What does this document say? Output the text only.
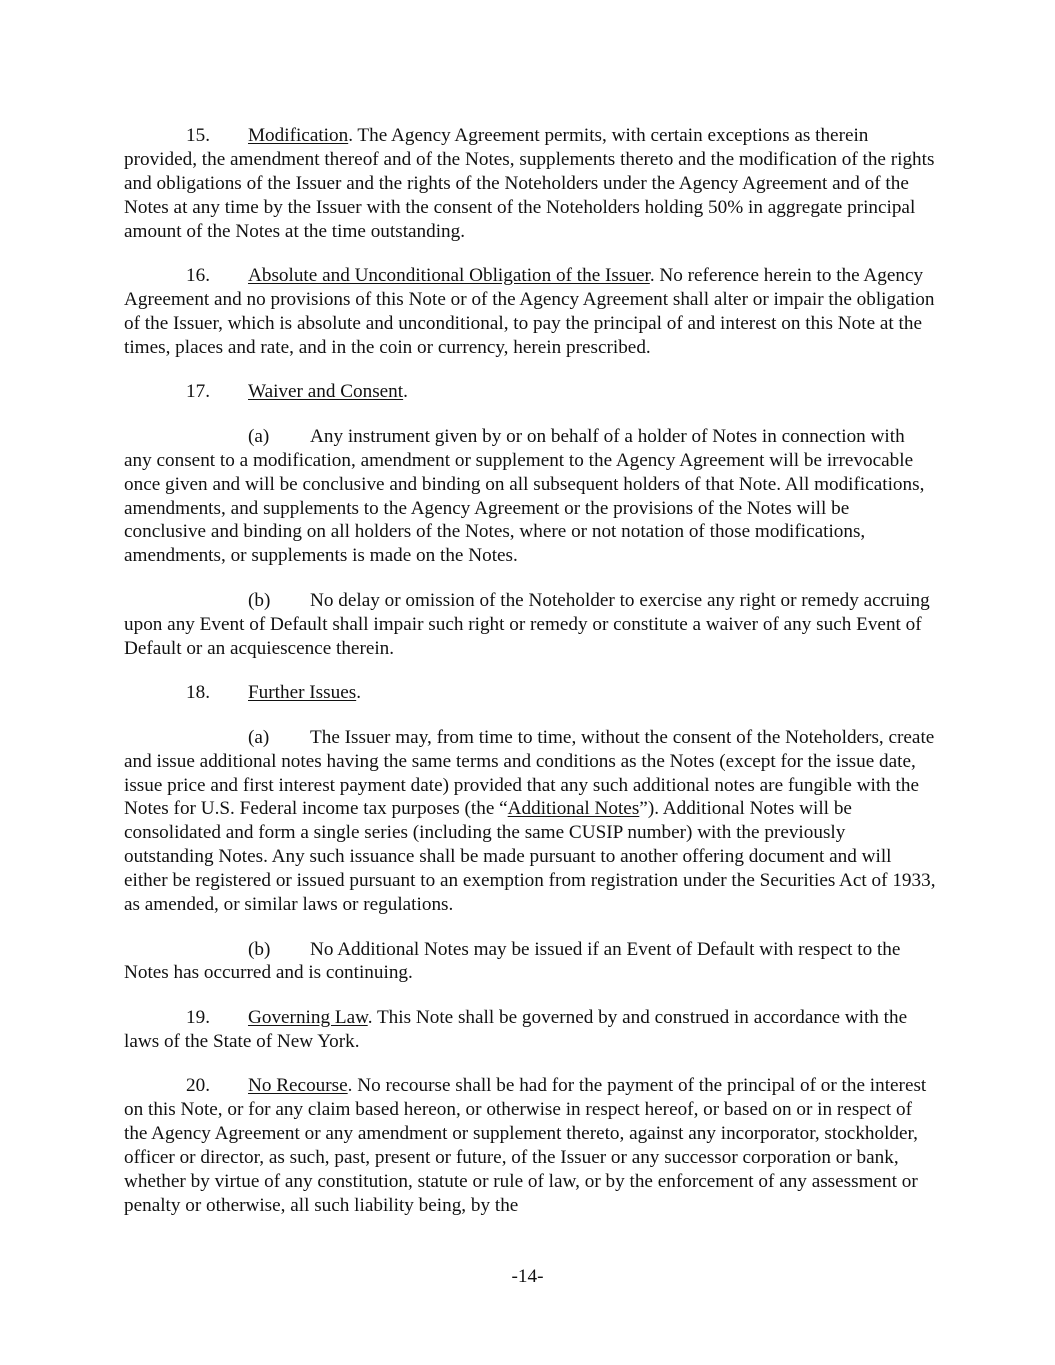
15. Modification. The Agency Agreement permits, with certain exceptions as therein provided, the amendment thereof and of the Notes, supplements thereto and the modification of the rights and obligations of the Issuer and the rights of the Noteholders under the Agency Agreement and of the Notes at any time by the Issuer with the consent of the Noteholders holding 50% in aggregate principal amount of the Notes at the time outstanding.

16. Absolute and Unconditional Obligation of the Issuer. No reference herein to the Agency Agreement and no provisions of this Note or of the Agency Agreement shall alter or impair the obligation of the Issuer, which is absolute and unconditional, to pay the principal of and interest on this Note at the times, places and rate, and in the coin or currency, herein prescribed.

17. Waiver and Consent.

(a) Any instrument given by or on behalf of a holder of Notes in connection with any consent to a modification, amendment or supplement to the Agency Agreement will be irrevocable once given and will be conclusive and binding on all subsequent holders of that Note. All modifications, amendments, and supplements to the Agency Agreement or the provisions of the Notes will be conclusive and binding on all holders of the Notes, where or not notation of those modifications, amendments, or supplements is made on the Notes.

(b) No delay or omission of the Noteholder to exercise any right or remedy accruing upon any Event of Default shall impair such right or remedy or constitute a waiver of any such Event of Default or an acquiescence therein.

18. Further Issues.

(a) The Issuer may, from time to time, without the consent of the Noteholders, create and issue additional notes having the same terms and conditions as the Notes (except for the issue date, issue price and first interest payment date) provided that any such additional notes are fungible with the Notes for U.S. Federal income tax purposes (the “Additional Notes”). Additional Notes will be consolidated and form a single series (including the same CUSIP number) with the previously outstanding Notes. Any such issuance shall be made pursuant to another offering document and will either be registered or issued pursuant to an exemption from registration under the Securities Act of 1933, as amended, or similar laws or regulations.

(b) No Additional Notes may be issued if an Event of Default with respect to the Notes has occurred and is continuing.

19. Governing Law. This Note shall be governed by and construed in accordance with the laws of the State of New York.

20. No Recourse. No recourse shall be had for the payment of the principal of or the interest on this Note, or for any claim based hereon, or otherwise in respect hereof, or based on or in respect of the Agency Agreement or any amendment or supplement thereto, against any incorporator, stockholder, officer or director, as such, past, present or future, of the Issuer or any successor corporation or bank, whether by virtue of any constitution, statute or rule of law, or by the enforcement of any assessment or penalty or otherwise, all such liability being, by the

-14-
